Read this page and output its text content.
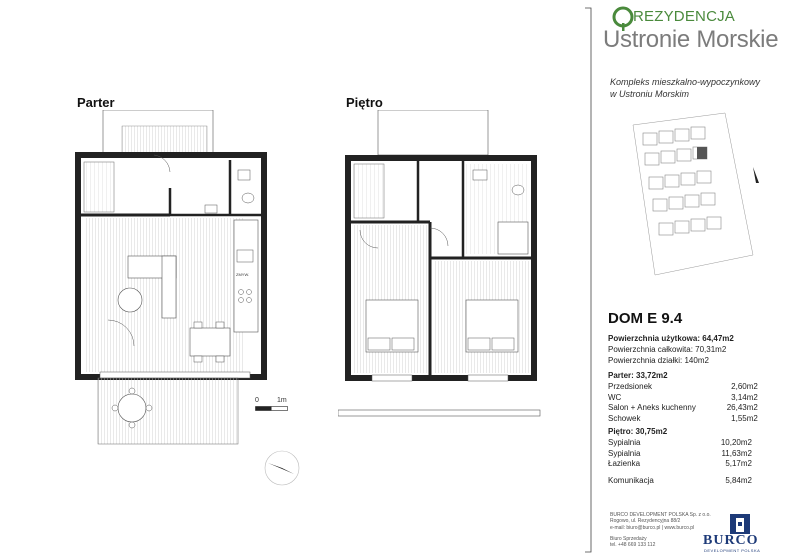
Parter	Piętro
ZMYW.
0	1m
REZYDENCJA
Ustronie Morskie
Kompleks mieszkalno-wypoczynkowy
w Ustroniu Morskim
DOM E 9.4
Powierzchnia użytkowa: 64,47m2
Powierzchnia całkowita: 70,31m2
Powierzchnia działki: 140m2
Parter: 33,72m2
Przedsionek	2,60m2
WC	3,14m2
Salon + Aneks kuchenny	26,43m2
Schowek	1,55m2
Piętro: 30,75m2
Sypialnia	10,20m2
Sypialnia	11,63m2
Łazienka	5,17m2
Komunikacja	5,84m2
BURCO DEVELOPMENT POLSKA Sp. z o.o.
Rogowo, ul. Rezydencyjna 88/2
e-mail: biuro@burco.pl | www.burco.pl
Biuro Sprzedaży
tel. +48 669 133 112	BURCO
DEVELOPMENT POLSKA
